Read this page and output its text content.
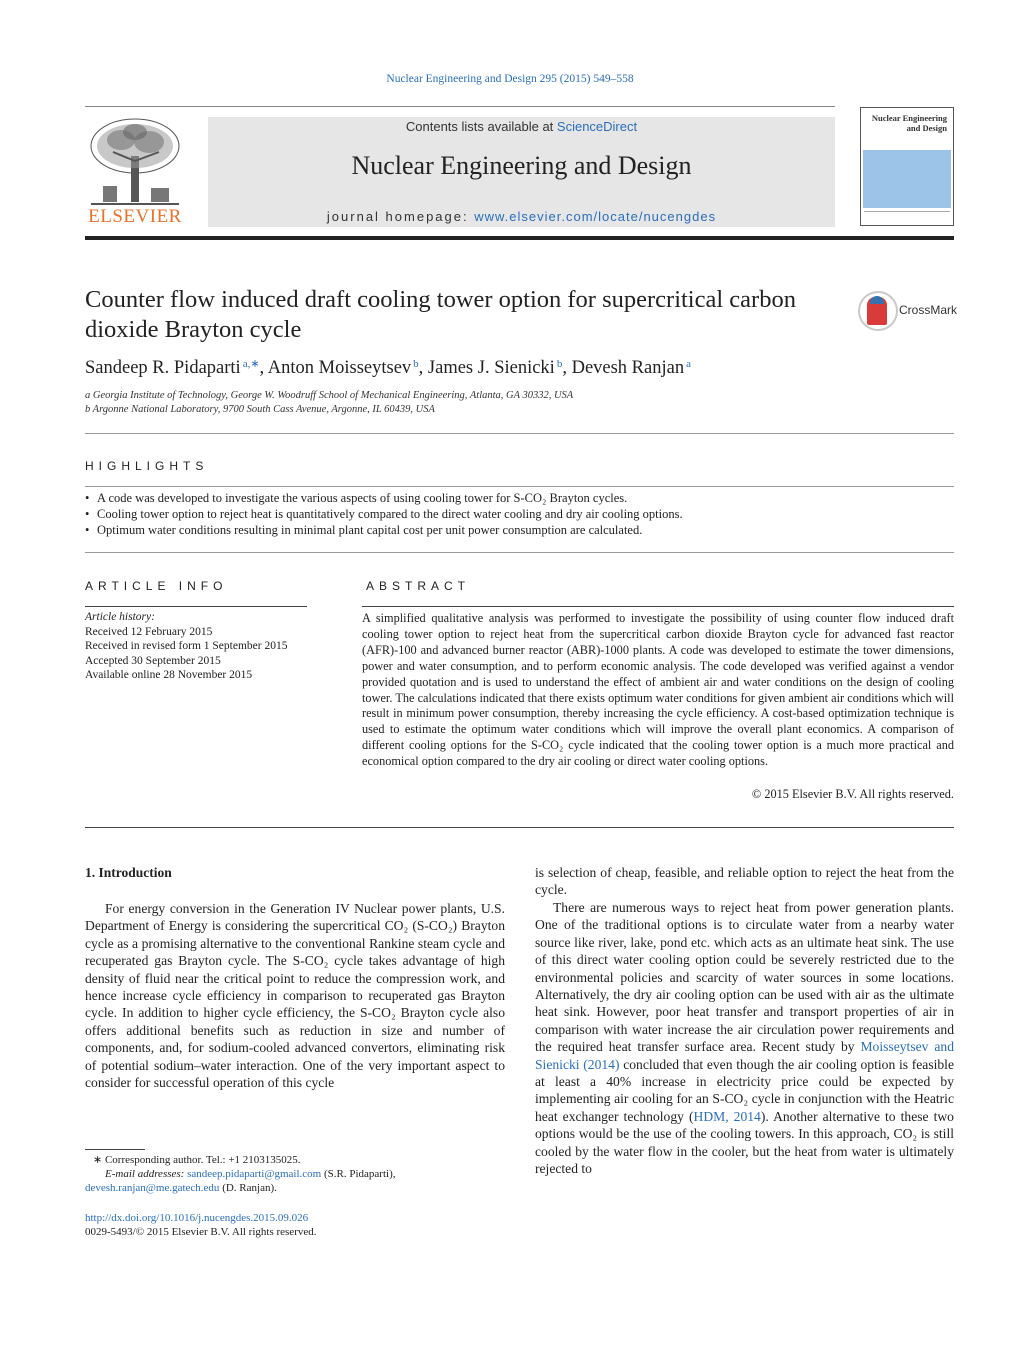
Nuclear Engineering and Design 295 (2015) 549–558
ELSEVIER
Contents lists available at ScienceDirect
Nuclear Engineering and Design
journal homepage: www.elsevier.com/locate/nucengdes
Nuclear Engineering and Design
Counter flow induced draft cooling tower option for supercritical carbon dioxide Brayton cycle
CrossMark
Sandeep R. Pidaparti $^{a,∗}$, Anton Moisseytsev $^b$, James J. Sienicki $^b$, Devesh Ranjan $^a$
a Georgia Institute of Technology, George W. Woodruff School of Mechanical Engineering, Atlanta, GA 30332, USA
b Argonne National Laboratory, 9700 South Cass Avenue, Argonne, IL 60439, USA
HIGHLIGHTS
• A code was developed to investigate the various aspects of using cooling tower for S-CO₂ Brayton cycles.
• Cooling tower option to reject heat is quantitatively compared to the direct water cooling and dry air cooling options.
• Optimum water conditions resulting in minimal plant capital cost per unit power consumption are calculated.
ARTICLE INFO	ABSTRACT
Article history:
Received 12 February 2015
Received in revised form 1 September 2015
Accepted 30 September 2015
Available online 28 November 2015
A simplified qualitative analysis was performed to investigate the possibility of using counter flow induced draft cooling tower option to reject heat from the supercritical carbon dioxide Brayton cycle for advanced fast reactor (AFR)-100 and advanced burner reactor (ABR)-1000 plants. A code was developed to estimate the tower dimensions, power and water consumption, and to perform economic analysis. The code developed was verified against a vendor provided quotation and is used to understand the effect of ambient air and water conditions on the design of cooling tower. The calculations indicated that there exists optimum water conditions for given ambient air conditions which will result in minimum power consumption, thereby increasing the cycle efficiency. A cost-based optimization technique is used to estimate the optimum water conditions which will improve the overall plant economics. A comparison of different cooling options for the S-CO₂ cycle indicated that the cooling tower option is a much more practical and economical option compared to the dry air cooling or direct water cooling options.
© 2015 Elsevier B.V. All rights reserved.
1. Introduction
For energy conversion in the Generation IV Nuclear power plants, U.S. Department of Energy is considering the supercritical CO₂ (S-CO₂) Brayton cycle as a promising alternative to the conventional Rankine steam cycle and recuperated gas Brayton cycle. The S-CO₂ cycle takes advantage of high density of fluid near the critical point to reduce the compression work, and hence increase cycle efficiency in comparison to recuperated gas Brayton cycle. In addition to higher cycle efficiency, the S-CO₂ Brayton cycle also offers additional benefits such as reduction in size and number of components, and, for sodium-cooled advanced convertors, eliminating risk of potential sodium–water interaction. One of the very important aspect to consider for successful operation of this cycle
is selection of cheap, feasible, and reliable option to reject the heat from the cycle.
There are numerous ways to reject heat from power generation plants. One of the traditional options is to circulate water from a nearby water source like river, lake, pond etc. which acts as an ultimate heat sink. The use of this direct water cooling option could be severely restricted due to the environmental policies and scarcity of water sources in some locations. Alternatively, the dry air cooling option can be used with air as the ultimate heat sink. However, poor heat transfer and transport properties of air in comparison with water increase the air circulation power requirements and the required heat transfer surface area. Recent study by Moisseytsev and Sienicki (2014) concluded that even though the air cooling option is feasible at least a 40% increase in electricity price could be expected by implementing air cooling for an S-CO₂ cycle in conjunction with the Heatric heat exchanger technology (HDM, 2014). Another alternative to these two options would be the use of the cooling towers. In this approach, CO₂ is still cooled by the water flow in the cooler, but the heat from water is ultimately rejected to
∗ Corresponding author. Tel.: +1 2103135025.
E-mail addresses: sandeep.pidaparti@gmail.com (S.R. Pidaparti),
devesh.ranjan@me.gatech.edu (D. Ranjan).
http://dx.doi.org/10.1016/j.nucengdes.2015.09.026
0029-5493/© 2015 Elsevier B.V. All rights reserved.
